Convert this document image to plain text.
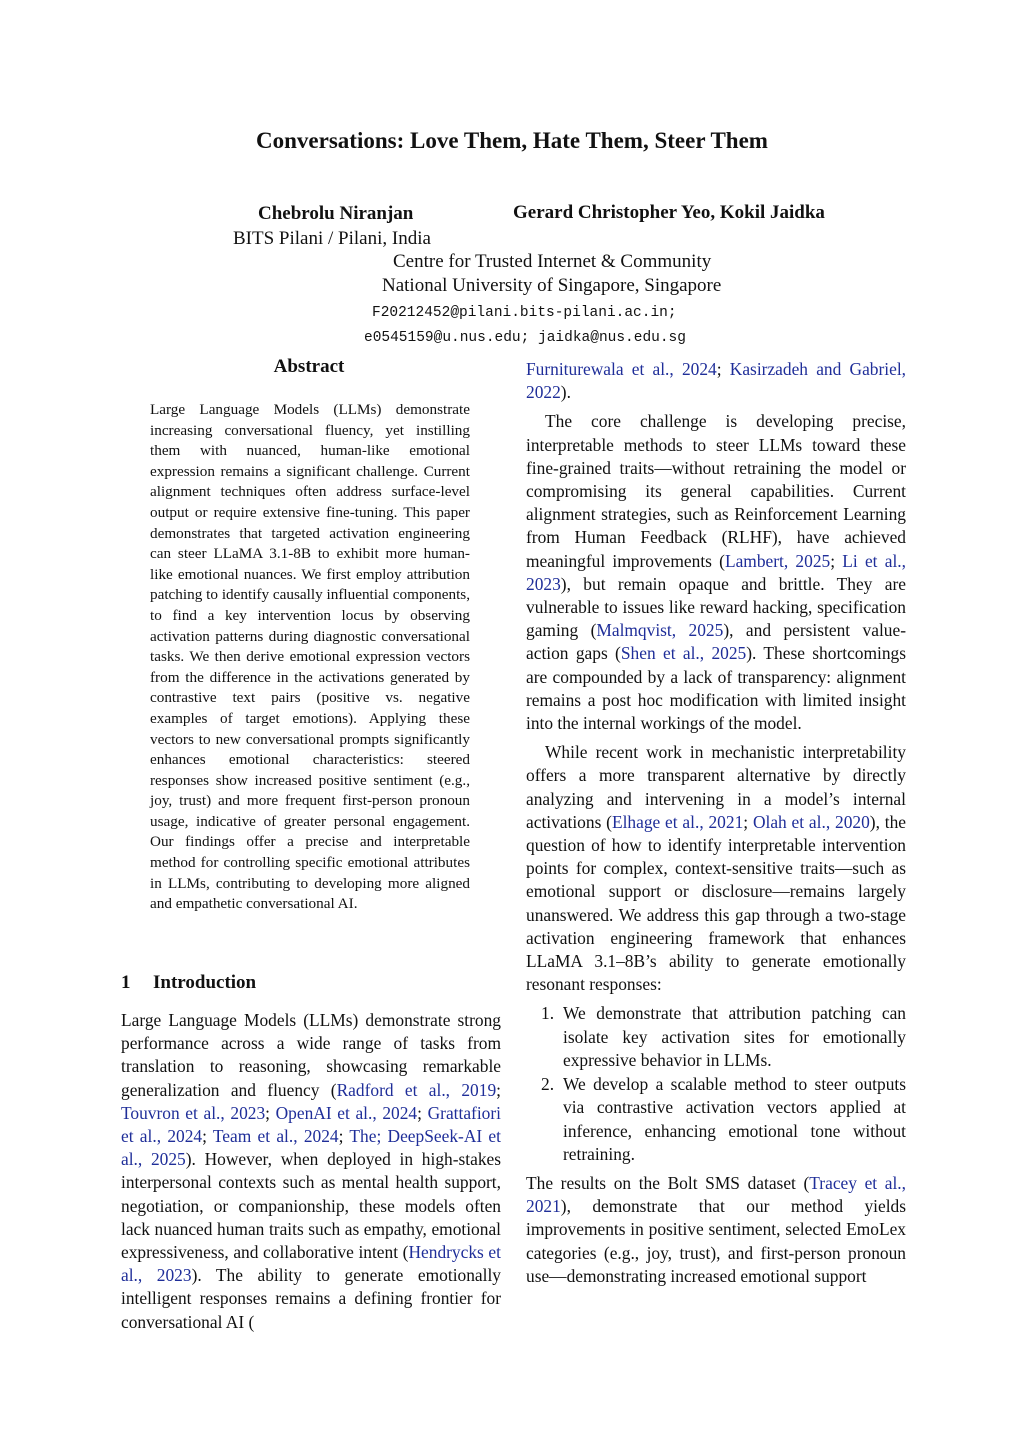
Conversations: Love Them, Hate Them, Steer Them
Chebrolu Niranjan
BITS Pilani / Pilani, India
Gerard Christopher Yeo, Kokil Jaidka
Centre for Trusted Internet & Community
National University of Singapore, Singapore
F20212452@pilani.bits-pilani.ac.in;
e0545159@u.nus.edu; jaidka@nus.edu.sg
Abstract

Large Language Models (LLMs) demonstrate increasing conversational fluency, yet instilling them with nuanced, human-like emotional expression remains a significant challenge. Current alignment techniques often address surface-level output or require extensive fine-tuning. This paper demonstrates that targeted activation engineering can steer LLaMA 3.1-8B to exhibit more human-like emotional nuances. We first employ attribution patching to identify causally influential components, to find a key intervention locus by observing activation patterns during diagnostic conversational tasks. We then derive emotional expression vectors from the difference in the activations generated by contrastive text pairs (positive vs. negative examples of target emotions). Applying these vectors to new conversational prompts significantly enhances emotional characteristics: steered responses show increased positive sentiment (e.g., joy, trust) and more frequent first-person pronoun usage, indicative of greater personal engagement. Our findings offer a precise and interpretable method for controlling specific emotional attributes in LLMs, contributing to developing more aligned and empathetic conversational AI.

1 Introduction

Large Language Models (LLMs) demonstrate strong performance across a wide range of tasks from translation to reasoning, showcasing remarkable generalization and fluency (Radford et al., 2019; Touvron et al., 2023; OpenAI et al., 2024; Grattafiori et al., 2024; Team et al., 2024; The; DeepSeek-AI et al., 2025). However, when deployed in high-stakes interpersonal contexts such as mental health support, negotiation, or companionship, these models often lack nuanced human traits such as empathy, emotional expressiveness, and collaborative intent (Hendrycks et al., 2023). The ability to generate emotionally intelligent responses remains a defining frontier for conversational AI (

Furniturewala et al., 2024; Kasirzadeh and Gabriel, 2022).

The core challenge is developing precise, interpretable methods to steer LLMs toward these fine-grained traits—without retraining the model or compromising its general capabilities. Current alignment strategies, such as Reinforcement Learning from Human Feedback (RLHF), have achieved meaningful improvements (Lambert, 2025; Li et al., 2023), but remain opaque and brittle. They are vulnerable to issues like reward hacking, specification gaming (Malmqvist, 2025), and persistent value-action gaps (Shen et al., 2025). These shortcomings are compounded by a lack of transparency: alignment remains a post hoc modification with limited insight into the internal workings of the model.

While recent work in mechanistic interpretability offers a more transparent alternative by directly analyzing and intervening in a model’s internal activations (Elhage et al., 2021; Olah et al., 2020), the question of how to identify interpretable intervention points for complex, context-sensitive traits—such as emotional support or disclosure—remains largely unanswered. We address this gap through a two-stage activation engineering framework that enhances LLaMA 3.1–8B’s ability to generate emotionally resonant responses:

1. We demonstrate that attribution patching can isolate key activation sites for emotionally expressive behavior in LLMs.
2. We develop a scalable method to steer outputs via contrastive activation vectors applied at inference, enhancing emotional tone without retraining.

The results on the Bolt SMS dataset (Tracey et al., 2021), demonstrate that our method yields improvements in positive sentiment, selected EmoLex categories (e.g., joy, trust), and first-person pronoun use—demonstrating increased emotional support
